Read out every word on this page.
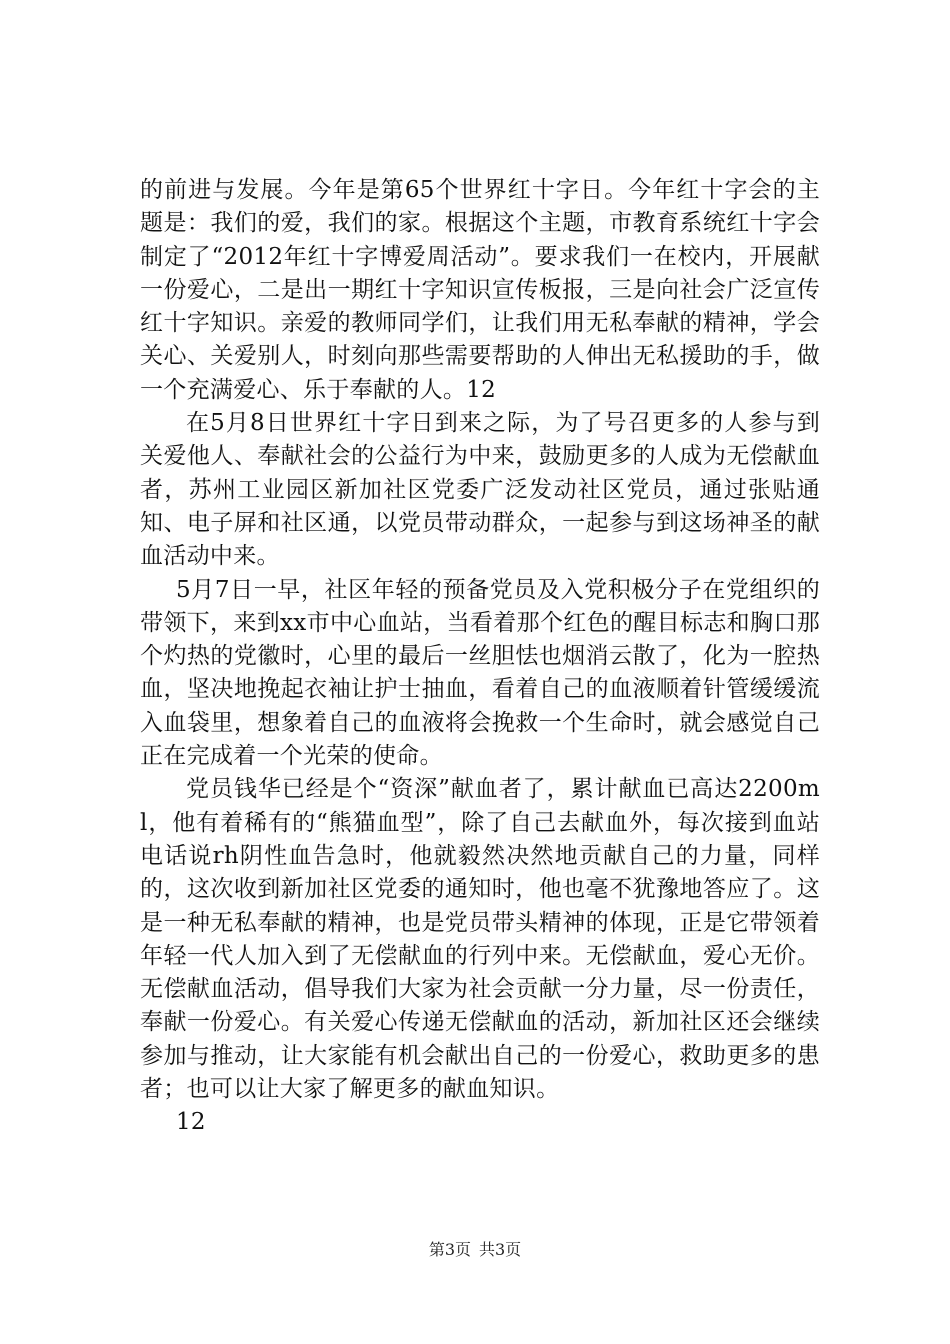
的前进与发展。今年是第65个世界红十字日。今年红十字会的主题是：我们的爱，我们的家。根据这个主题，市教育系统红十字会制定了“2012年红十字博爱周活动”。要求我们一在校内，开展献一份爱心，二是出一期红十字知识宣传板报，三是向社会广泛宣传红十字知识。亲爱的教师同学们，让我们用无私奉献的精神，学会关心、关爱别人，时刻向那些需要帮助的人伸出无私援助的手，做一个充满爱心、乐于奉献的人。12

在5月8日世界红十字日到来之际，为了号召更多的人参与到关爱他人、奉献社会的公益行为中来，鼓励更多的人成为无偿献血者，苏州工业园区新加社区党委广泛发动社区党员，通过张贴通知、电子屏和社区通，以党员带动群众，一起参与到这场神圣的献血活动中来。

5月7日一早，社区年轻的预备党员及入党积极分子在党组织的带领下，来到xx市中心血站，当看着那个红色的醒目标志和胸口那个灼热的党徽时，心里的最后一丝胆怯也烟消云散了，化为一腔热血，坚决地挽起衣袖让护士抽血，看着自己的血液顺着针管缓缓流入血袋里，想象着自己的血液将会挽救一个生命时，就会感觉自己正在完成着一个光荣的使命。

党员钱华已经是个“资深”献血者了，累计献血已高达2200ml，他有着稀有的“熊猫血型”，除了自己去献血外，每次接到血站电话说rh阴性血告急时，他就毅然决然地贡献自己的力量，同样的，这次收到新加社区党委的通知时，他也毫不犹豫地答应了。这是一种无私奉献的精神，也是党员带头精神的体现，正是它带领着年轻一代人加入到了无偿献血的行列中来。无偿献血，爱心无价。无偿献血活动，倡导我们大家为社会贡献一分力量，尽一份责任，奉献一份爱心。有关爱心传递无偿献血的活动，新加社区还会继续参加与推动，让大家能有机会献出自己的一份爱心，救助更多的患者；也可以让大家了解更多的献血知识。

12

第3页 共3页
